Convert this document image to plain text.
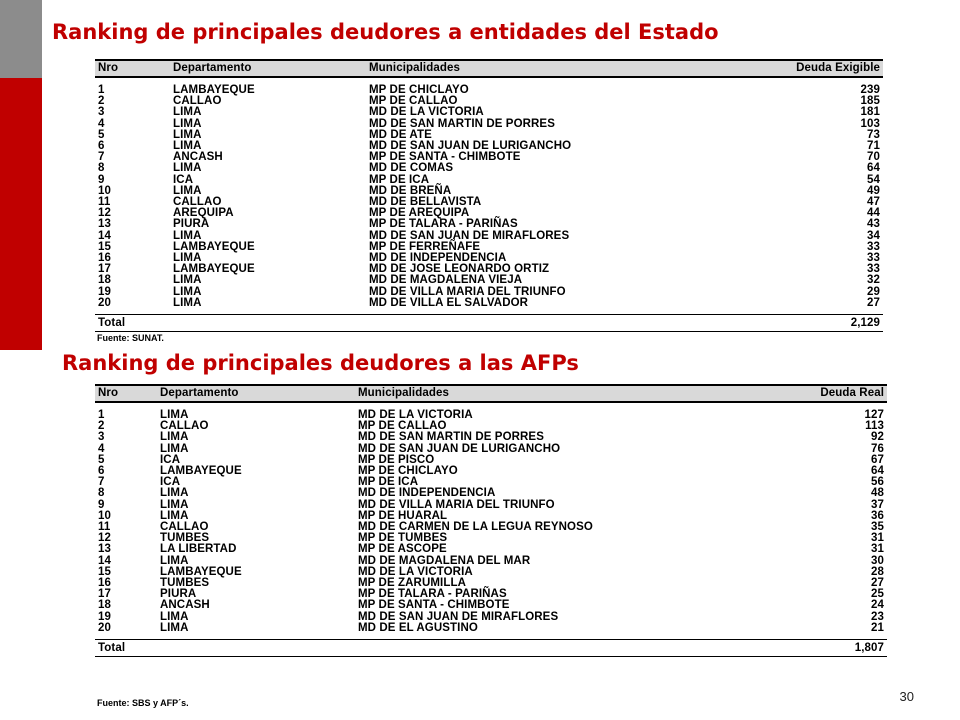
Ranking de principales deudores a entidades del Estado
Nro	Departamento	Municipalidades	Deuda Exigible

1	LAMBAYEQUE	MP DE CHICLAYO	239
2	CALLAO	MP DE CALLAO	185
3	LIMA	MD DE LA VICTORIA	181
4	LIMA	MD DE SAN MARTIN DE PORRES	103
5	LIMA	MD DE ATE	73
6	LIMA	MD DE SAN JUAN DE LURIGANCHO	71
7	ANCASH	MP DE SANTA - CHIMBOTE	70
8	LIMA	MD DE COMAS	64
9	ICA	MP DE ICA	54
10	LIMA	MD DE BREÑA	49
11	CALLAO	MD DE BELLAVISTA	47
12	AREQUIPA	MP DE AREQUIPA	44
13	PIURA	MP DE TALARA - PARIÑAS	43
14	LIMA	MD DE SAN JUAN DE MIRAFLORES	34
15	LAMBAYEQUE	MP DE FERREÑAFE	33
16	LIMA	MD DE INDEPENDENCIA	33
17	LAMBAYEQUE	MD DE JOSE LEONARDO ORTIZ	33
18	LIMA	MD DE MAGDALENA VIEJA	32
19	LIMA	MD DE VILLA MARIA DEL TRIUNFO	29
20	LIMA	MD DE VILLA EL SALVADOR	27

Total			2,129
Fuente: SUNAT.
Ranking de principales deudores a las AFPs
Nro	Departamento	Municipalidades	Deuda Real

1	LIMA	MD DE LA VICTORIA	127
2	CALLAO	MP DE CALLAO	113
3	LIMA	MD DE SAN MARTIN DE PORRES	92
4	LIMA	MD DE SAN JUAN DE LURIGANCHO	76
5	ICA	MP DE PISCO	67
6	LAMBAYEQUE	MP DE CHICLAYO	64
7	ICA	MP DE ICA	56
8	LIMA	MD DE INDEPENDENCIA	48
9	LIMA	MD DE VILLA MARIA DEL TRIUNFO	37
10	LIMA	MP DE HUARAL	36
11	CALLAO	MD DE CARMEN DE LA LEGUA REYNOSO	35
12	TUMBES	MP DE TUMBES	31
13	LA LIBERTAD	MP DE ASCOPE	31
14	LIMA	MD DE MAGDALENA DEL MAR	30
15	LAMBAYEQUE	MD DE LA VICTORIA	28
16	TUMBES	MP DE ZARUMILLA	27
17	PIURA	MP DE TALARA - PARIÑAS	25
18	ANCASH	MP DE SANTA - CHIMBOTE	24
19	LIMA	MD DE SAN JUAN DE MIRAFLORES	23
20	LIMA	MD DE EL AGUSTINO	21

Total			1,807
Fuente: SBS y AFP´s.	30
